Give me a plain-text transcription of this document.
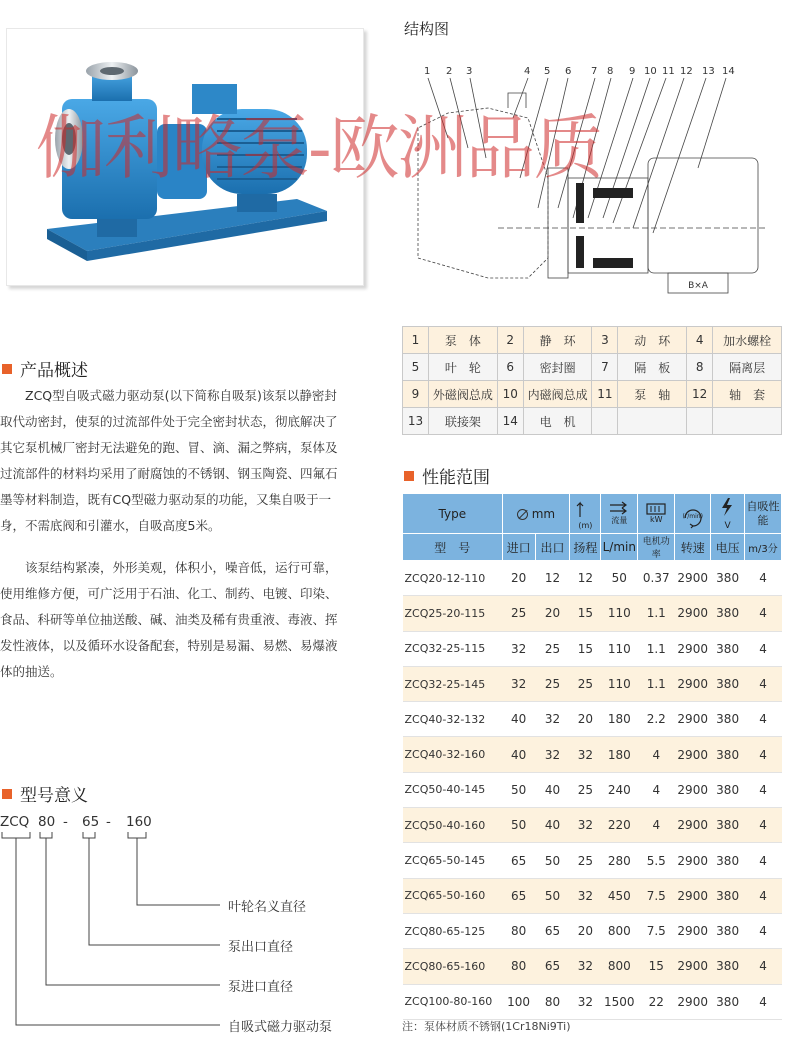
结构图
1 2 3	4 5 6 7 8 9 10 11 12 13 14
B×A
1	泵　体	2	静　环	3	动　环	4	加水螺栓
5	叶　轮	6	密封圈	7	隔　板	8	隔离层
9	外磁阀总成	10	内磁阀总成	11	泵　轴	12	轴　套
13	联接架	14	电　机				
产品概述

ZCQ型自吸式磁力驱动泵(以下简称自吸泵)该泵以静密封取代动密封，使泵的过流部件处于完全密封状态，彻底解决了其它泵机械厂密封无法避免的跑、冒、滴、漏之弊病，泵体及过流部件的材料均采用了耐腐蚀的不锈钢、钢玉陶瓷、四氟石墨等材料制造，既有CQ型磁力驱动泵的功能，又集自吸于一身，不需底阀和引灌水，自吸高度5米。

该泵结构紧凑，外形美观，体积小，噪音低，运行可靠，使用维修方便，可广泛用于石油、化工、制药、电镀、印染、食品、科研等单位抽送酸、碱、油类及稀有贵重液、毒液、挥发性液体，以及循环水设备配套，特别是易漏、易燃、易爆液体的抽送。

型号意义
ZCQ 80 - 65 - 160
叶轮名义直径
泵出口直径
泵进口直径
自吸式磁力驱动泵
性能范围
Type	mm		(m)	流量	kW	(r/min)	V	自吸性能
型　号	进口	出口	扬程	L/min	电机功率	转速	电压	m/3分
ZCQ20-12-110	20	12	12	50	0.37	2900	380	4
ZCQ25-20-115	25	20	15	110	1.1	2900	380	4
ZCQ32-25-115	32	25	15	110	1.1	2900	380	4
ZCQ32-25-145	32	25	25	110	1.1	2900	380	4
ZCQ40-32-132	40	32	20	180	2.2	2900	380	4
ZCQ40-32-160	40	32	32	180	4	2900	380	4
ZCQ50-40-145	50	40	25	240	4	2900	380	4
ZCQ50-40-160	50	40	32	220	4	2900	380	4
ZCQ65-50-145	65	50	25	280	5.5	2900	380	4
ZCQ65-50-160	65	50	32	450	7.5	2900	380	4
ZCQ80-65-125	80	65	20	800	7.5	2900	380	4
ZCQ80-65-160	80	65	32	800	15	2900	380	4
ZCQ100-80-160	100	80	32	1500	22	2900	380	4
注：泵体材质不锈钢(1Cr18Ni9Ti)
伽利略泵-欧洲品质
